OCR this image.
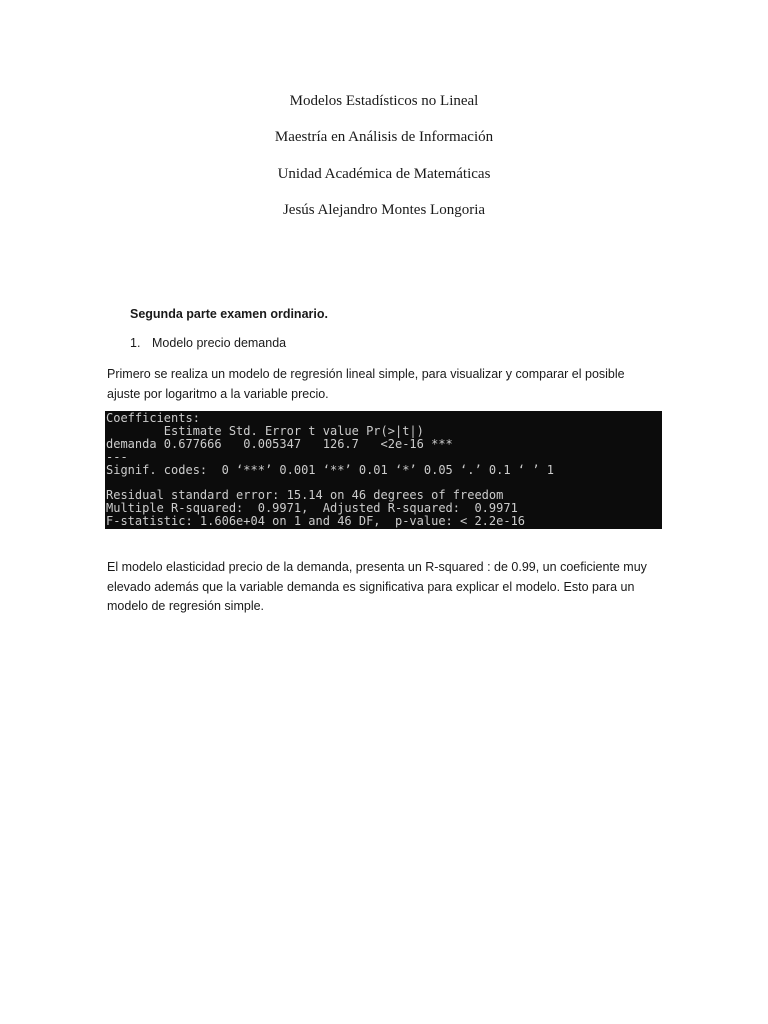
Modelos Estadísticos no Lineal
Maestría en Análisis de Información
Unidad Académica de Matemáticas
Jesús Alejandro Montes Longoria
Segunda parte examen ordinario.
1. Modelo precio demanda

Primero se realiza un modelo de regresión lineal simple, para visualizar y comparar el posible
ajuste por logaritmo a la variable precio.

Coefficients:
Estimate Std. Error t value Pr(>|t|)
demanda 0.677666   0.005347   126.7   <2e-16 ***
---
Signif. codes:  0 ‘***’ 0.001 ‘**’ 0.01 ‘*’ 0.05 ‘.’ 0.1 ‘ ’ 1
Residual standard error: 15.14 on 46 degrees of freedom
Multiple R-squared:  0.9971,  Adjusted R-squared:  0.9971
F-statistic: 1.606e+04 on 1 and 46 DF,  p-value: < 2.2e-16

El modelo elasticidad precio de la demanda, presenta un R-squared : de 0.99, un coeficiente muy
elevado además que la variable demanda es significativa para explicar el modelo. Esto para un
modelo de regresión simple.
